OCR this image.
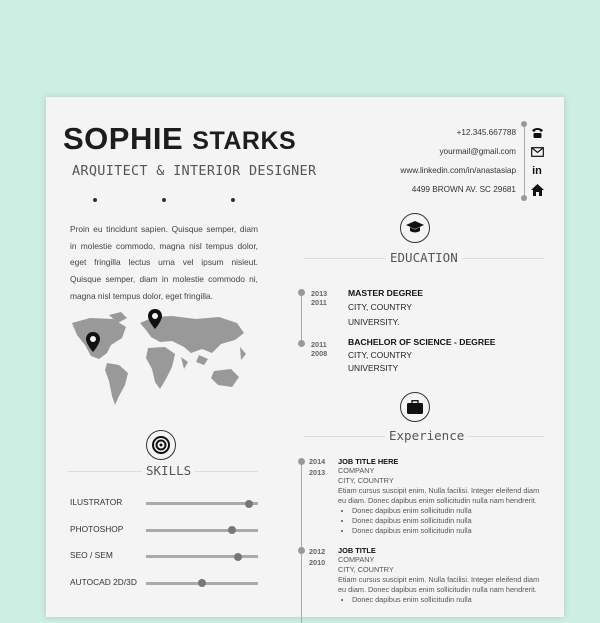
SOPHIE STARKS
ARQUITECT & INTERIOR DESIGNER
Proin eu tincidunt sapien. Quisque semper, diam in molestie commodo, magna nisl tempus dolor, eget fringilla lectus urna vel ipsum nisieut. Quisque semper, diam in molestie commodo ni, magna nisl tempus dolor, eget fringilla.
SKILLS
+12.345.667788
yourmail@gmail.com
www.linkedin.com/in/anastasiap
4499 BROWN AV. SC 29681
in
EDUCATION
2013
2011
MASTER DEGREE
CITY, COUNTRY
UNIVERSITY.
2011
2008
BACHELOR OF SCIENCE - DEGREE
CITY, COUNTRY
UNIVERSITY
Experience
2014
2013
JOB TITLE HERE
COMPANY
CITY, COUNTRY
Etiam cursus suscipit enim. Nulla facilisi. Integer eleifend diam eu diam. Donec dapibus enim sollicitudin nulla nam hendrerit.
• Donec dapibus enim sollicitudin nulla
• Donec dapibus enim sollicitudin nulla
• Donec dapibus enim sollicitudin nulla
2012
2010
JOB TITLE
COMPANY
CITY, COUNTRY
Etiam cursus suscipit enim. Nulla facilisi. Integer eleifend diam eu diam. Donec dapibus enim sollicitudin nulla nam hendrerit.
• Donec dapibus enim sollicitudin nulla
ILUSTRATOR
PHOTOSHOP
SEO / SEM
AUTOCAD 2D/3D
